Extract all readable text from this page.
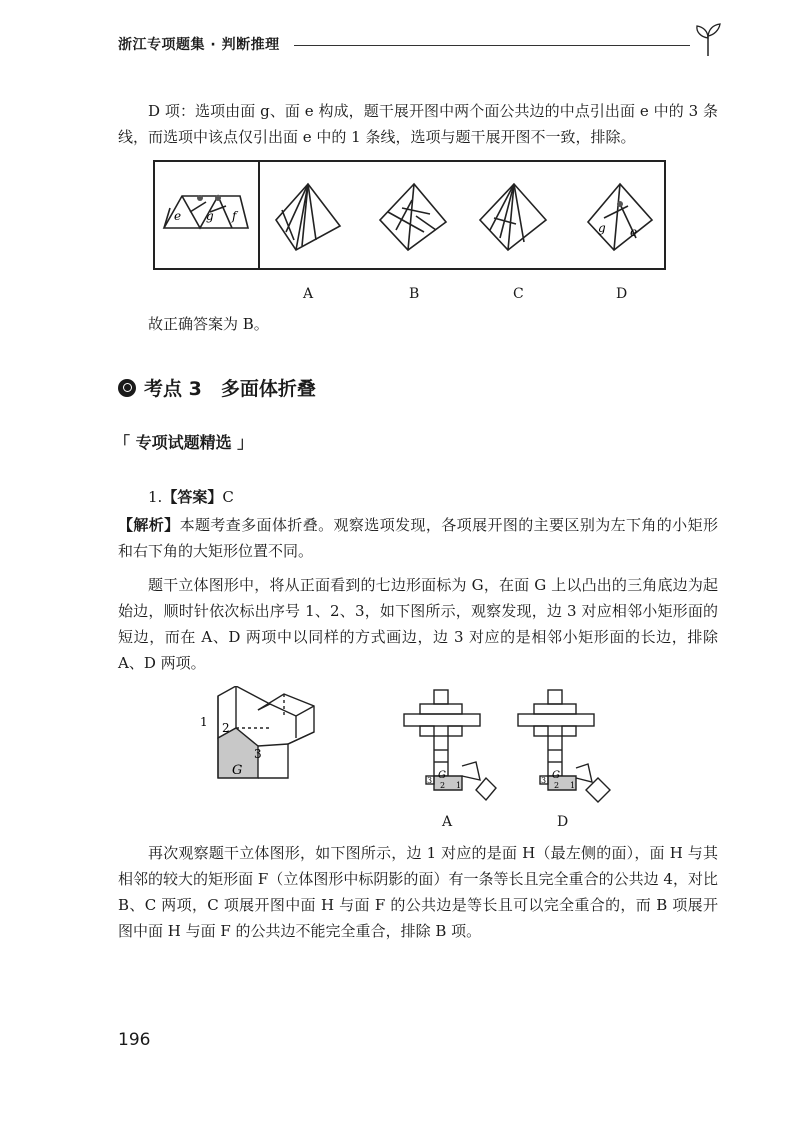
浙江专项题集 · 判断推理
D 项：选项由面 g、面 e 构成，题干展开图中两个面公共边的中点引出面 e 中的 3 条线，而选项中该点仅引出面 e 中的 1 条线，选项与题干展开图不一致，排除。
e g f
g e
A	B	C	D
故正确答案为 B。
考点 3　多面体折叠
「 专项试题精选 」
1.【答案】C
【解析】本题考查多面体折叠。观察选项发现，各项展开图的主要区别为左下角的小矩形和右下角的大矩形位置不同。
题干立体图形中，将从正面看到的七边形面标为 G，在面 G 上以凸出的三角底边为起始边，顺时针依次标出序号 1、2、3，如下图所示，观察发现，边 3 对应相邻小矩形面的短边，而在 A、D 两项中以同样的方式画边，边 3 对应的是相邻小矩形面的长边，排除 A、D 两项。
1 2
3
G	G
3
2 1
A
G
3
2 1
D
再次观察题干立体图形，如下图所示，边 1 对应的是面 H（最左侧的面），面 H 与其相邻的较大的矩形面 F（立体图形中标阴影的面）有一条等长且完全重合的公共边 4，对比 B、C 两项，C 项展开图中面 H 与面 F 的公共边是等长且可以完全重合的，而 B 项展开图中面 H 与面 F 的公共边不能完全重合，排除 B 项。
196
